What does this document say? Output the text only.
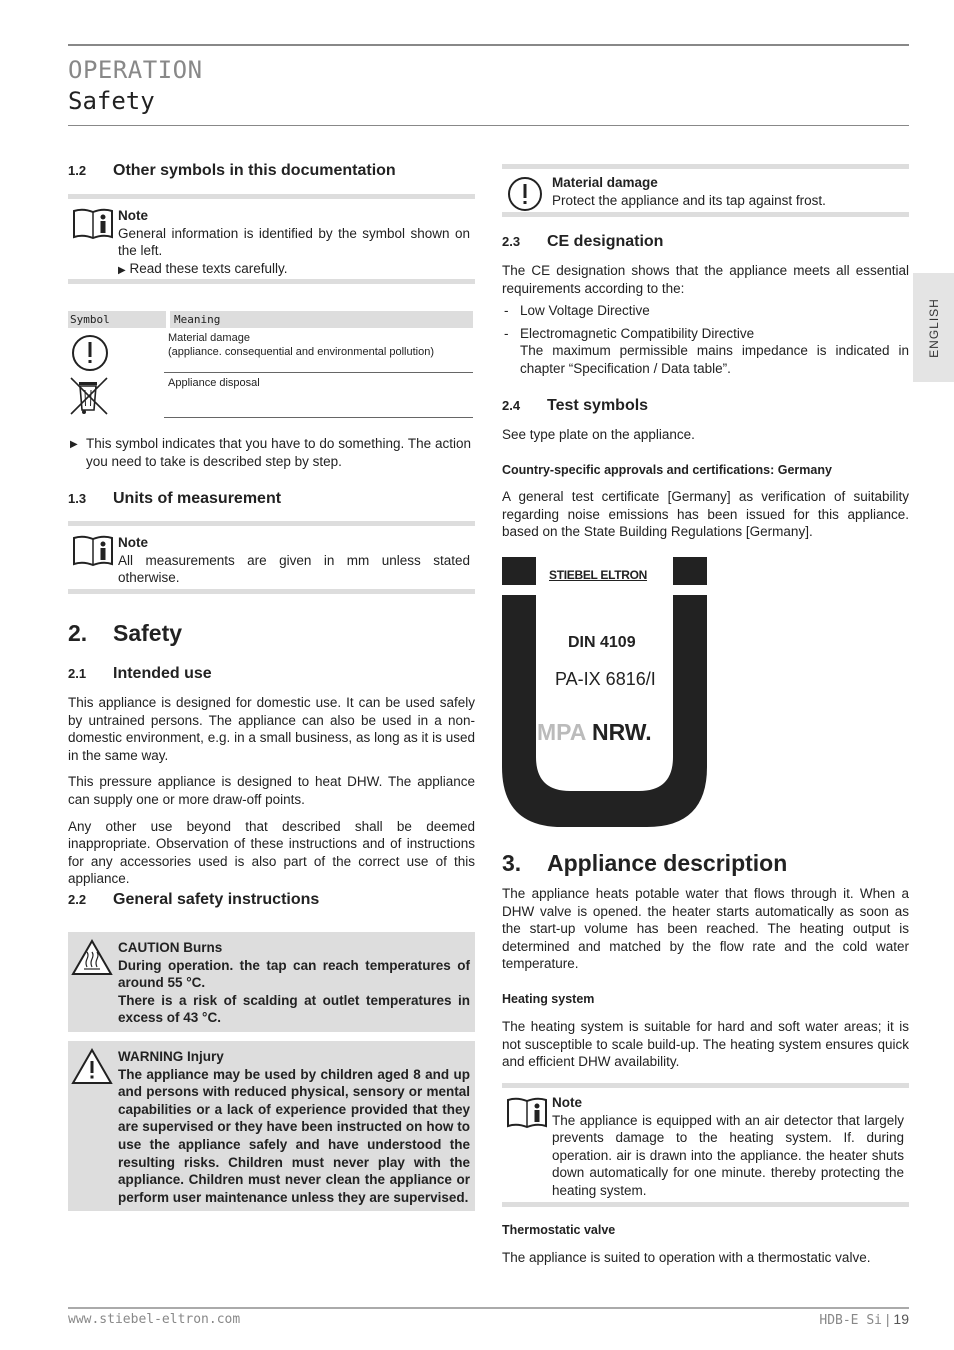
OPERATION
Safety
ENGLISH
1.2 Other symbols in this documentation

Note

General information is identified by the symbol shown on the left.

▶ Read these texts carefully.

Symbol	Meaning
Material damage
(appliance. consequential and environmental pollution)
Appliance disposal

▶ This symbol indicates that you have to do something. The action you need to take is described step by step.

1.3 Units of measurement

Note

All measurements are given in mm unless stated otherwise.

2. Safety
2.1 Intended use

This appliance is designed for domestic use. It can be used safely by untrained persons. The appliance can also be used in a non-domestic environment, e.g. in a small business, as long as it is used in the same way.

This pressure appliance is designed to heat DHW. The appliance can supply one or more draw-off points.

Any other use beyond that described shall be deemed inappropriate. Observation of these instructions and of instructions for any accessories used is also part of the correct use of this appliance.

2.2 General safety instructions

CAUTION Burns

During operation. the tap can reach temperatures of around 55 °C.

There is a risk of scalding at outlet temperatures in excess of 43 °C.

WARNING Injury

The appliance may be used by children aged 8 and up and persons with reduced physical, sensory or mental capabilities or a lack of experience provided that they are supervised or they have been instructed on how to use the appliance safely and have understood the resulting risks. Children must never play with the appliance. Children must never clean the appliance or perform user maintenance unless they are supervised.

Material damage

Protect the appliance and its tap against frost.

2.3 CE designation

The CE designation shows that the appliance meets all essential requirements according to the:

- Low Voltage Directive
- Electromagnetic Compatibility Directive

The maximum permissible mains impedance is indicated in chapter “Specification / Data table”.

2.4 Test symbols

See type plate on the appliance.

Country-specific approvals and certifications: Germany

A general test certificate [Germany] as verification of suitability regarding noise emissions has been issued for this appliance. based on the State Building Regulations [Germany].

STIEBEL ELTRON
DIN 4109
PA-IX 6816/I
MPA NRW.
3. Appliance description

The appliance heats potable water that flows through it. When a DHW valve is opened. the heater starts automatically as soon as the start-up volume has been reached. The heating output is determined and matched by the flow rate and the cold water temperature.

Heating system

The heating system is suitable for hard and soft water areas; it is not susceptible to scale build-up. The heating system ensures quick and efficient DHW availability.

Note

The appliance is equipped with an air detector that largely prevents damage to the heating system. If. during operation. air is drawn into the appliance. the heater shuts down automatically for one minute. thereby protecting the heating system.

Thermostatic valve

The appliance is suited to operation with a thermostatic valve.

www.stiebel-eltron.com	HDB-E Si | 19
